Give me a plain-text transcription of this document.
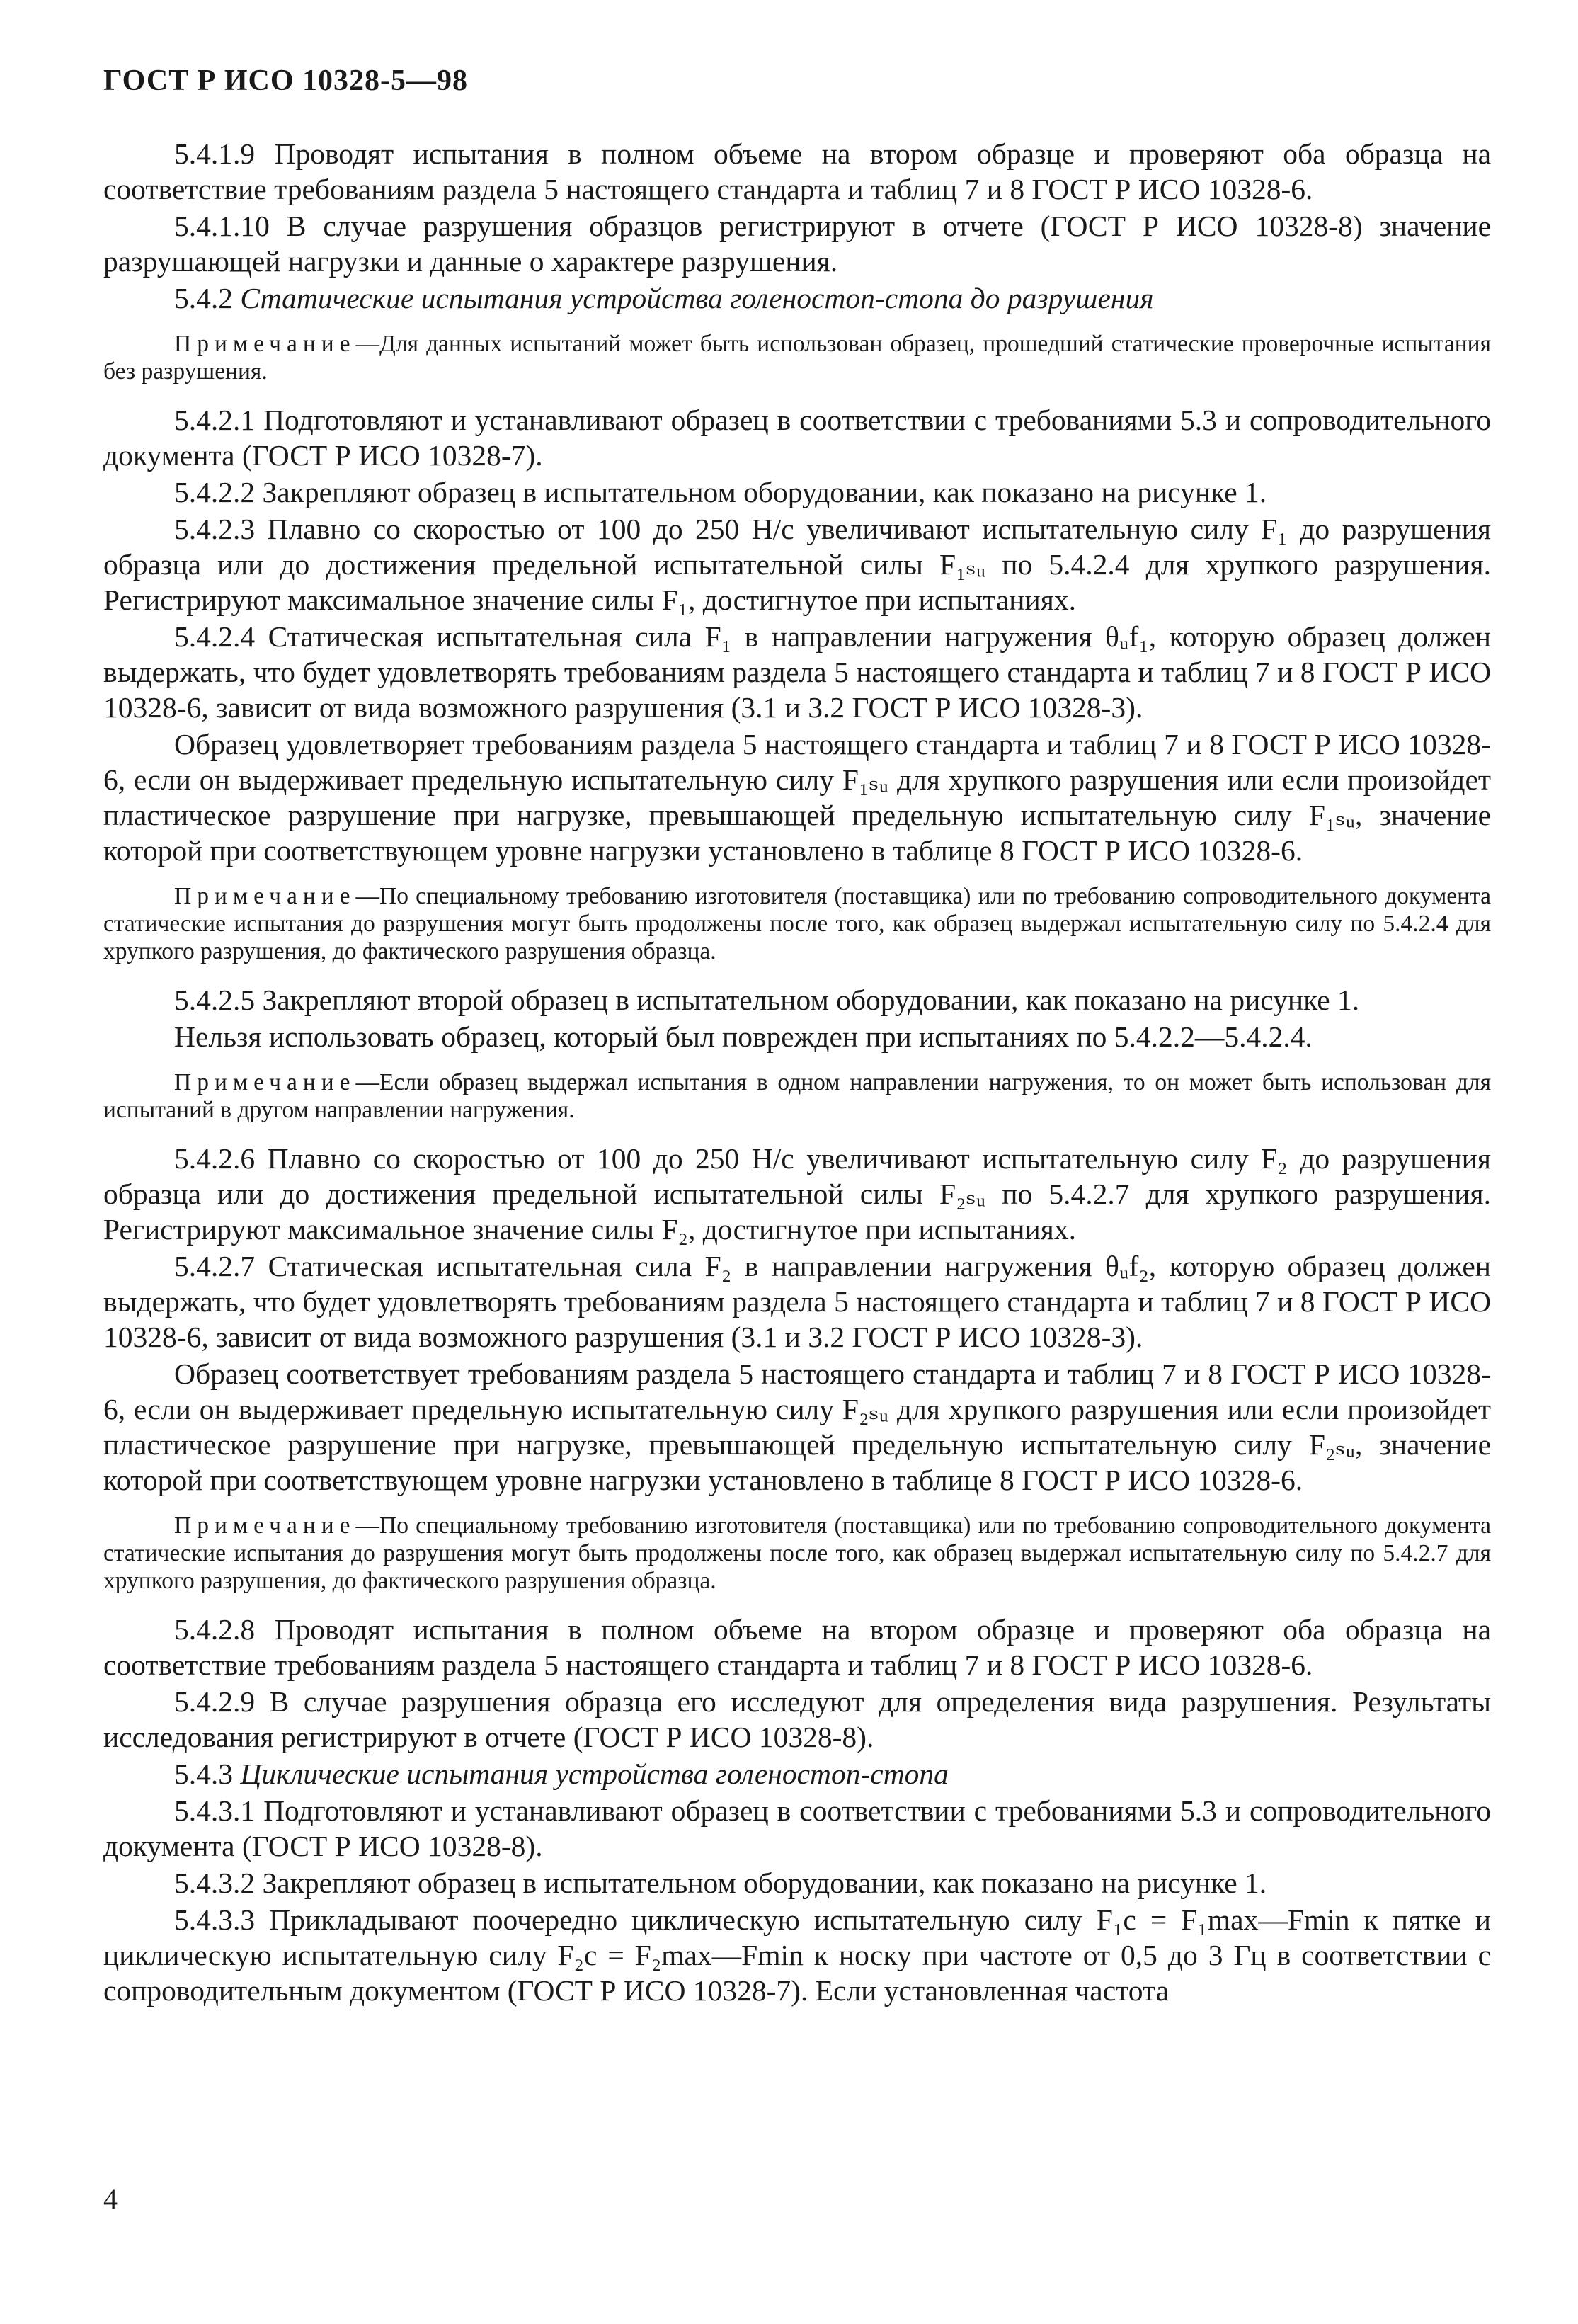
ГОСТ Р ИСО 10328-5—98

5.4.1.9 Проводят испытания в полном объеме на втором образце и проверяют оба образца на соответствие требованиям раздела 5 настоящего стандарта и таблиц 7 и 8 ГОСТ Р ИСО 10328-6.

5.4.1.10 В случае разрушения образцов регистрируют в отчете (ГОСТ Р ИСО 10328-8) значение разрушающей нагрузки и данные о характере разрушения.

5.4.2 Статические испытания устройства голеностоп-стопа до разрушения

Примечание—Для данных испытаний может быть использован образец, прошедший статические проверочные испытания без разрушения.

5.4.2.1 Подготовляют и устанавливают образец в соответствии с требованиями 5.3 и сопроводительного документа (ГОСТ Р ИСО 10328-7).

5.4.2.2 Закрепляют образец в испытательном оборудовании, как показано на рисунке 1.

5.4.2.3 Плавно со скоростью от 100 до 250 Н/с увеличивают испытательную силу F₁ до разрушения образца или до достижения предельной испытательной силы F₁ₛᵤ по 5.4.2.4 для хрупкого разрушения. Регистрируют максимальное значение силы F₁, достигнутое при испытаниях.

5.4.2.4 Статическая испытательная сила F₁ в направлении нагружения θᵤf₁, которую образец должен выдержать, что будет удовлетворять требованиям раздела 5 настоящего стандарта и таблиц 7 и 8 ГОСТ Р ИСО 10328-6, зависит от вида возможного разрушения (3.1 и 3.2 ГОСТ Р ИСО 10328-3).

Образец удовлетворяет требованиям раздела 5 настоящего стандарта и таблиц 7 и 8 ГОСТ Р ИСО 10328-6, если он выдерживает предельную испытательную силу F₁ₛᵤ для хрупкого разрушения или если произойдет пластическое разрушение при нагрузке, превышающей предельную испытательную силу F₁ₛᵤ, значение которой при соответствующем уровне нагрузки установлено в таблице 8 ГОСТ Р ИСО 10328-6.

Примечание—По специальному требованию изготовителя (поставщика) или по требованию сопроводительного документа статические испытания до разрушения могут быть продолжены после того, как образец выдержал испытательную силу по 5.4.2.4 для хрупкого разрушения, до фактического разрушения образца.

5.4.2.5 Закрепляют второй образец в испытательном оборудовании, как показано на рисунке 1.

Нельзя использовать образец, который был поврежден при испытаниях по 5.4.2.2—5.4.2.4.

Примечание—Если образец выдержал испытания в одном направлении нагружения, то он может быть использован для испытаний в другом направлении нагружения.

5.4.2.6 Плавно со скоростью от 100 до 250 Н/с увеличивают испытательную силу F₂ до разрушения образца или до достижения предельной испытательной силы F₂ₛᵤ по 5.4.2.7 для хрупкого разрушения. Регистрируют максимальное значение силы F₂, достигнутое при испытаниях.

5.4.2.7 Статическая испытательная сила F₂ в направлении нагружения θᵤf₂, которую образец должен выдержать, что будет удовлетворять требованиям раздела 5 настоящего стандарта и таблиц 7 и 8 ГОСТ Р ИСО 10328-6, зависит от вида возможного разрушения (3.1 и 3.2 ГОСТ Р ИСО 10328-3).

Образец соответствует требованиям раздела 5 настоящего стандарта и таблиц 7 и 8 ГОСТ Р ИСО 10328-6, если он выдерживает предельную испытательную силу F₂ₛᵤ для хрупкого разрушения или если произойдет пластическое разрушение при нагрузке, превышающей предельную испытательную силу F₂ₛᵤ, значение которой при соответствующем уровне нагрузки установлено в таблице 8 ГОСТ Р ИСО 10328-6.

Примечание—По специальному требованию изготовителя (поставщика) или по требованию сопроводительного документа статические испытания до разрушения могут быть продолжены после того, как образец выдержал испытательную силу по 5.4.2.7 для хрупкого разрушения, до фактического разрушения образца.

5.4.2.8 Проводят испытания в полном объеме на втором образце и проверяют оба образца на соответствие требованиям раздела 5 настоящего стандарта и таблиц 7 и 8 ГОСТ Р ИСО 10328-6.

5.4.2.9 В случае разрушения образца его исследуют для определения вида разрушения. Результаты исследования регистрируют в отчете (ГОСТ Р ИСО 10328-8).

5.4.3 Циклические испытания устройства голеностоп-стопа

5.4.3.1 Подготовляют и устанавливают образец в соответствии с требованиями 5.3 и сопроводительного документа (ГОСТ Р ИСО 10328-8).

5.4.3.2 Закрепляют образец в испытательном оборудовании, как показано на рисунке 1.

5.4.3.3 Прикладывают поочередно циклическую испытательную силу F₁c = F₁max—Fmin к пятке и циклическую испытательную силу F₂c = F₂max—Fmin к носку при частоте от 0,5 до 3 Гц в соответствии с сопроводительным документом (ГОСТ Р ИСО 10328-7). Если установленная частота

4
